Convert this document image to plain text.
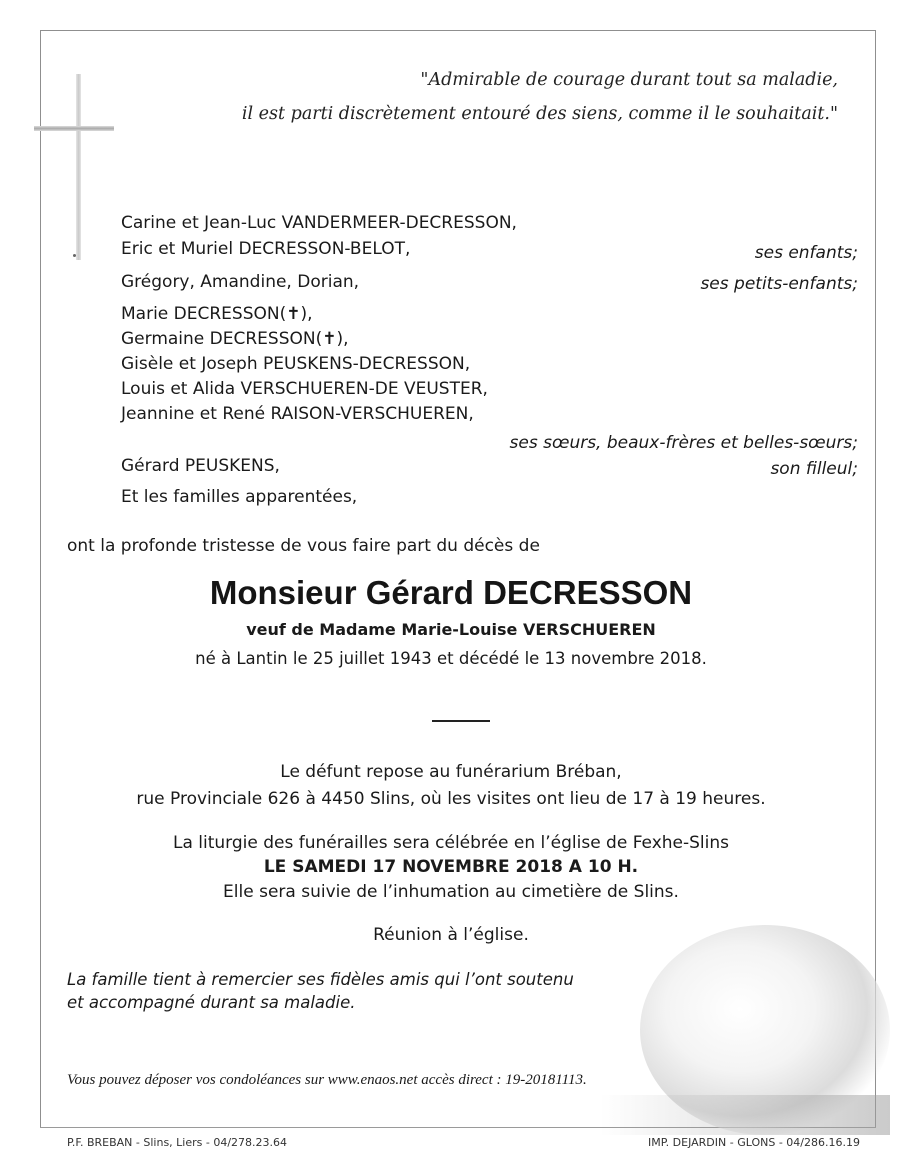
"Admirable de courage durant tout sa maladie,
il est parti discrètement entouré des siens, comme il le souhaitait."
Carine et Jean-Luc VANDERMEER-DECRESSON,
Eric et Muriel DECRESSON-BELOT,	ses enfants;
Grégory, Amandine, Dorian,	ses petits-enfants;
Marie DECRESSON(✝),
Germaine DECRESSON(✝),
Gisèle et Joseph PEUSKENS-DECRESSON,
Louis et Alida VERSCHUEREN-DE VEUSTER,
Jeannine et René RAISON-VERSCHUEREN,
ses sœurs, beaux-frères et belles-sœurs;
Gérard PEUSKENS,	son filleul;
Et les familles apparentées,
ont la profonde tristesse de vous faire part du décès de
Monsieur Gérard DECRESSON
veuf de Madame Marie-Louise VERSCHUEREN
né à Lantin le 25 juillet 1943 et décédé le 13 novembre 2018.
Le défunt repose au funérarium Bréban,
rue Provinciale 626 à 4450 Slins, où les visites ont lieu de 17 à 19 heures.
La liturgie des funérailles sera célébrée en l’église de Fexhe-Slins
LE SAMEDI 17 NOVEMBRE 2018 A 10 H.
Elle sera suivie de l’inhumation au cimetière de Slins.
Réunion à l’église.
La famille tient à remercier ses fidèles amis qui l’ont soutenu
et accompagné durant sa maladie.
Vous pouvez déposer vos condoléances sur www.enaos.net accès direct : 19-20181113.
P.F. BREBAN - Slins, Liers - 04/278.23.64	IMP. DEJARDIN - GLONS - 04/286.16.19
